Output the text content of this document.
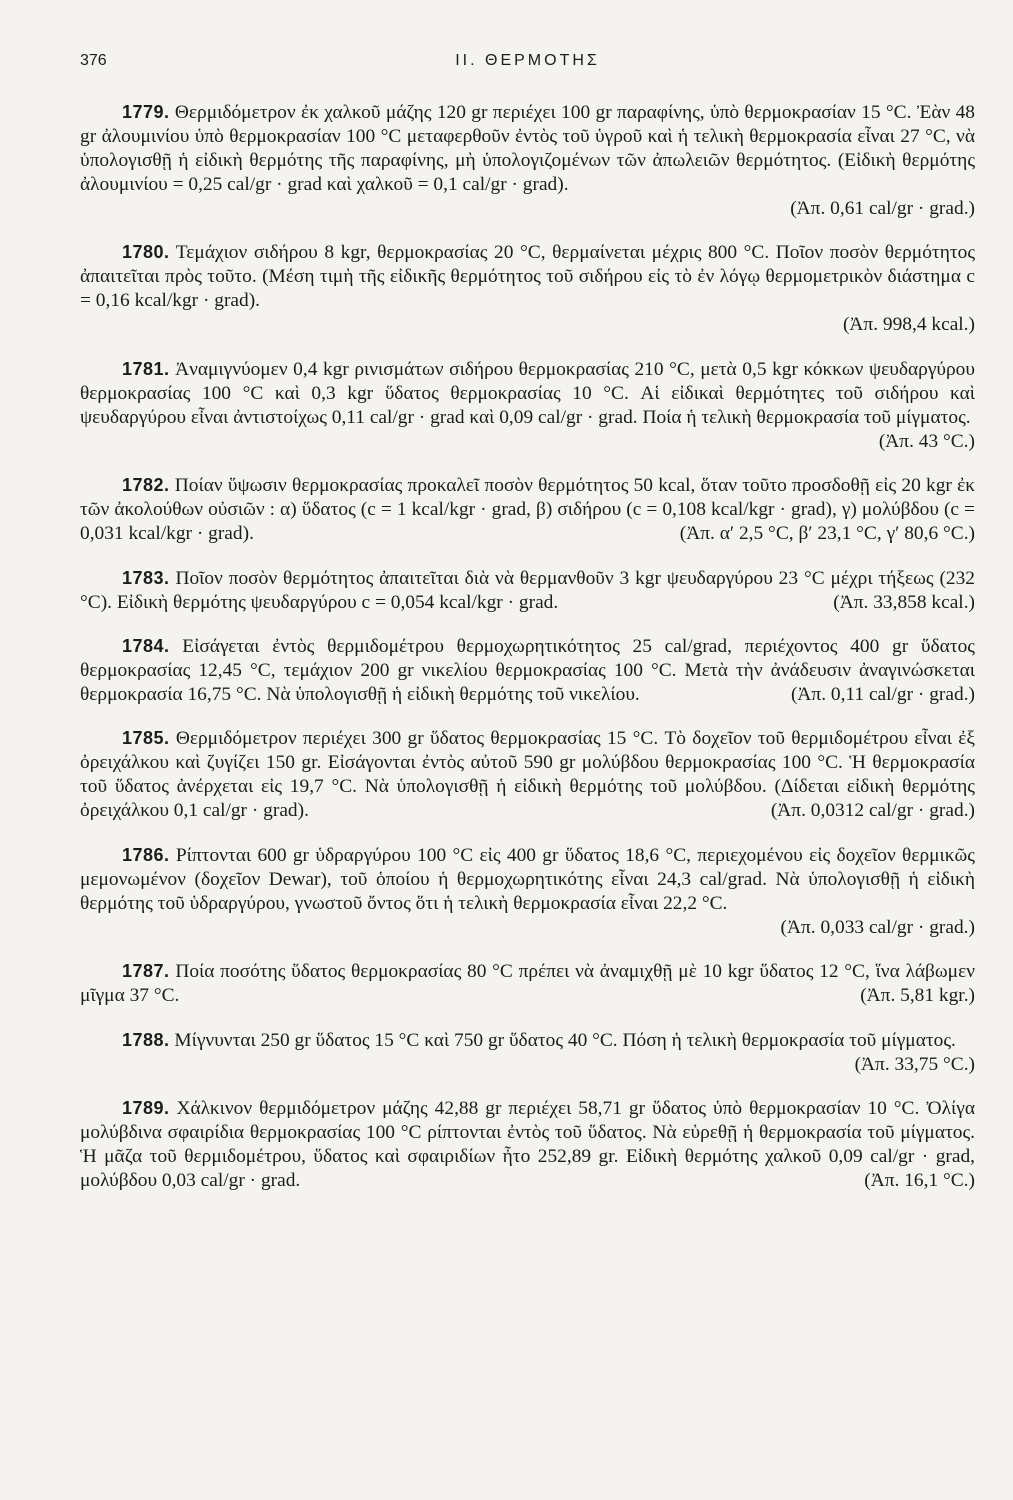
376	II. ΘΕΡΜΟΤΗΣ

1779. Θερμιδόμετρον ἐκ χαλκοῦ μάζης 120 gr περιέχει 100 gr παραφίνης, ὑπὸ θερμοκρασίαν 15 °C. Ἐὰν 48 gr ἀλουμινίου ὑπὸ θερμοκρασίαν 100 °C μεταφερθοῦν ἐντὸς τοῦ ὑγροῦ καὶ ἡ τελικὴ θερμοκρασία εἶναι 27 °C, νὰ ὑπολογισθῇ ἡ εἰδικὴ θερμότης τῆς παραφίνης, μὴ ὑπολογιζομένων τῶν ἀπωλειῶν θερμότητος. (Εἰδικὴ θερμότης ἀλουμινίου = 0,25 cal/gr · grad καὶ χαλκοῦ = 0,1 cal/gr · grad).
(Ἀπ. 0,61 cal/gr · grad.)

1780. Τεμάχιον σιδήρου 8 kgr, θερμοκρασίας 20 °C, θερμαίνεται μέχρις 800 °C. Ποῖον ποσὸν θερμότητος ἀπαιτεῖται πρὸς τοῦτο. (Μέση τιμὴ τῆς εἰδικῆς θερμότητος τοῦ σιδήρου εἰς τὸ ἐν λόγῳ θερμομετρικὸν διάστημα c = 0,16 kcal/kgr · grad).
(Ἀπ. 998,4 kcal.)

1781. Ἀναμιγνύομεν 0,4 kgr ρινισμάτων σιδήρου θερμοκρασίας 210 °C, μετὰ 0,5 kgr κόκκων ψευδαργύρου θερμοκρασίας 100 °C καὶ 0,3 kgr ὕδατος θερμοκρασίας 10 °C. Αἱ εἰδικαὶ θερμότητες τοῦ σιδήρου καὶ ψευδαργύρου εἶναι ἀντιστοίχως 0,11 cal/gr · grad καὶ 0,09 cal/gr · grad. Ποία ἡ τελικὴ θερμοκρασία τοῦ μίγματος.
(Ἀπ. 43 °C.)

1782. Ποίαν ὕψωσιν θερμοκρασίας προκαλεῖ ποσὸν θερμότητος 50 kcal, ὅταν τοῦτο προσδοθῇ εἰς 20 kgr ἐκ τῶν ἀκολούθων οὐσιῶν : α) ὕδατος (c = 1 kcal/kgr · grad, β) σιδήρου (c = 0,108 kcal/kgr · grad), γ) μολύβδου (c = 0,031 kcal/kgr · grad).	(Ἀπ. α′ 2,5 °C, β′ 23,1 °C, γ′ 80,6 °C.)

1783. Ποῖον ποσὸν θερμότητος ἀπαιτεῖται διὰ νὰ θερμανθοῦν 3 kgr ψευδαργύρου 23 °C μέχρι τήξεως (232 °C). Εἰδικὴ θερμότης ψευδαργύρου c = 0,054 kcal/kgr · grad.	(Ἀπ. 33,858 kcal.)

1784. Εἰσάγεται ἐντὸς θερμιδομέτρου θερμοχωρητικότητος 25 cal/grad, περιέχοντος 400 gr ὕδατος θερμοκρασίας 12,45 °C, τεμάχιον 200 gr νικελίου θερμοκρασίας 100 °C. Μετὰ τὴν ἀνάδευσιν ἀναγινώσκεται θερμοκρασία 16,75 °C. Νὰ ὑπολογισθῇ ἡ εἰδικὴ θερμότης τοῦ νικελίου.	(Ἀπ. 0,11 cal/gr · grad.)

1785. Θερμιδόμετρον περιέχει 300 gr ὕδατος θερμοκρασίας 15 °C. Τὸ δοχεῖον τοῦ θερμιδομέτρου εἶναι ἐξ ὀρειχάλκου καὶ ζυγίζει 150 gr. Εἰσάγονται ἐντὸς αὐτοῦ 590 gr μολύβδου θερμοκρασίας 100 °C. Ἡ θερμοκρασία τοῦ ὕδατος ἀνέρχεται εἰς 19,7 °C. Νὰ ὑπολογισθῇ ἡ εἰδικὴ θερμότης τοῦ μολύβδου. (Δίδεται εἰδικὴ θερμότης ὀρειχάλκου 0,1 cal/gr · grad).	(Ἀπ. 0,0312 cal/gr · grad.)

1786. Ρίπτονται 600 gr ὑδραργύρου 100 °C εἰς 400 gr ὕδατος 18,6 °C, περιεχομένου εἰς δοχεῖον θερμικῶς μεμονωμένον (δοχεῖον Dewar), τοῦ ὁποίου ἡ θερμοχωρητικότης εἶναι 24,3 cal/grad. Νὰ ὑπολογισθῇ ἡ εἰδικὴ θερμότης τοῦ ὑδραργύρου, γνωστοῦ ὄντος ὅτι ἡ τελικὴ θερμοκρασία εἶναι 22,2 °C.
(Ἀπ. 0,033 cal/gr · grad.)

1787. Ποία ποσότης ὕδατος θερμοκρασίας 80 °C πρέπει νὰ ἀναμιχθῇ μὲ 10 kgr ὕδατος 12 °C, ἵνα λάβωμεν μῖγμα 37 °C.	(Ἀπ. 5,81 kgr.)

1788. Μίγνυνται 250 gr ὕδατος 15 °C καὶ 750 gr ὕδατος 40 °C. Πόση ἡ τελικὴ θερμοκρασία τοῦ μίγματος.
(Ἀπ. 33,75 °C.)

1789. Χάλκινον θερμιδόμετρον μάζης 42,88 gr περιέχει 58,71 gr ὕδατος ὑπὸ θερμοκρασίαν 10 °C. Ὀλίγα μολύβδινα σφαιρίδια θερμοκρασίας 100 °C ρίπτονται ἐντὸς τοῦ ὕδατος. Νὰ εὑρεθῇ ἡ θερμοκρασία τοῦ μίγματος. Ἡ μᾶζα τοῦ θερμιδομέτρου, ὕδατος καὶ σφαιριδίων ἦτο 252,89 gr. Εἰδικὴ θερμότης χαλκοῦ 0,09 cal/gr · grad, μολύβδου 0,03 cal/gr · grad.	(Ἀπ. 16,1 °C.)
